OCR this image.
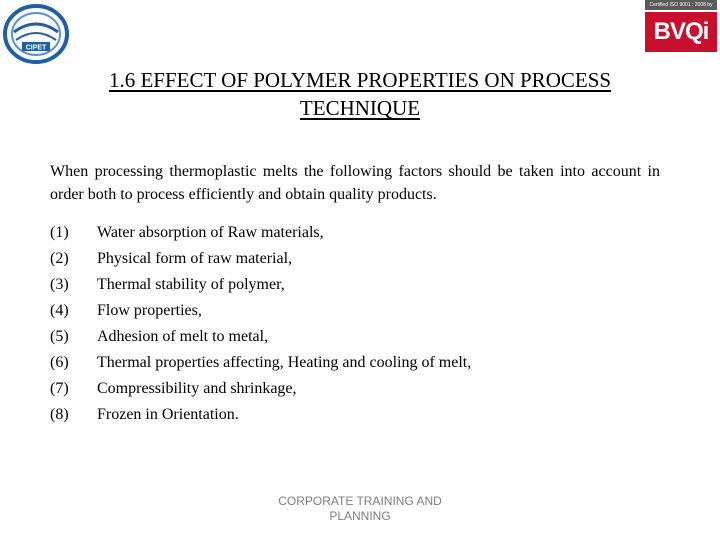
CIPET
Certified ISO 9001 : 2008 by
BVQi
1.6 EFFECT OF POLYMER PROPERTIES ON PROCESS
TECHNIQUE
When processing thermoplastic melts the following factors should be taken into account in order both to process efficiently and obtain quality products.
(1)	Water absorption of Raw materials,
(2)	Physical form of raw material,
(3)	Thermal stability of polymer,
(4)	Flow properties,
(5)	Adhesion of melt to metal,
(6)	Thermal properties affecting, Heating and cooling of melt,
(7)	Compressibility and shrinkage,
(8)	Frozen in Orientation.
CORPORATE TRAINING AND
PLANNING
